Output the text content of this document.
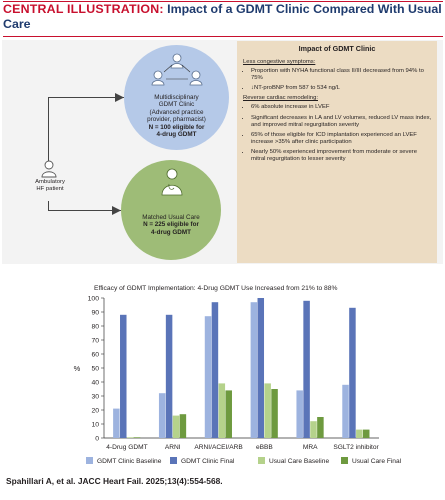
CENTRAL ILLUSTRATION: Impact of a GDMT Clinic Compared With Usual Care
Impact of GDMT Clinic
Less congestive symptoms:
• Proportion with NYHA functional class II/III decreased from 94% to 75%
• ↓NT-proBNP from 587 to 534 ng/L
Reverse cardiac remodeling:
• 6% absolute increase in LVEF
• Significant decreases in LA and LV volumes, reduced LV mass index, and improved mitral regurgitation severity
• 65% of those eligible for ICD implantation experienced an LVEF increase >35% after clinic participation
• Nearly 50% experienced improvement from moderate or severe mitral regurgitation to lesser severity
Ambulatory HF patient
Multidisciplinary
GDMT Clinic
(Advanced practice
provider, pharmacist)
N = 100 eligible for
4-drug GDMT
Matched Usual Care
N = 225 eligible for
4-drug GDMT
Efficacy of GDMT Implementation: 4-Drug GDMT Use Increased from 21% to 88%
0
10
20
30
40
50
60
70
80
90
100
%
4-Drug GDMT	ARNI ARNI/ACEI/ARB eBBB	MRA SGLT2 inhibitor
GDMT Clinic Baseline	GDMT Clinic Final	Usual Care Baseline	Usual Care Final
Spahillari A, et al. JACC Heart Fail. 2025;13(4):554-568.
